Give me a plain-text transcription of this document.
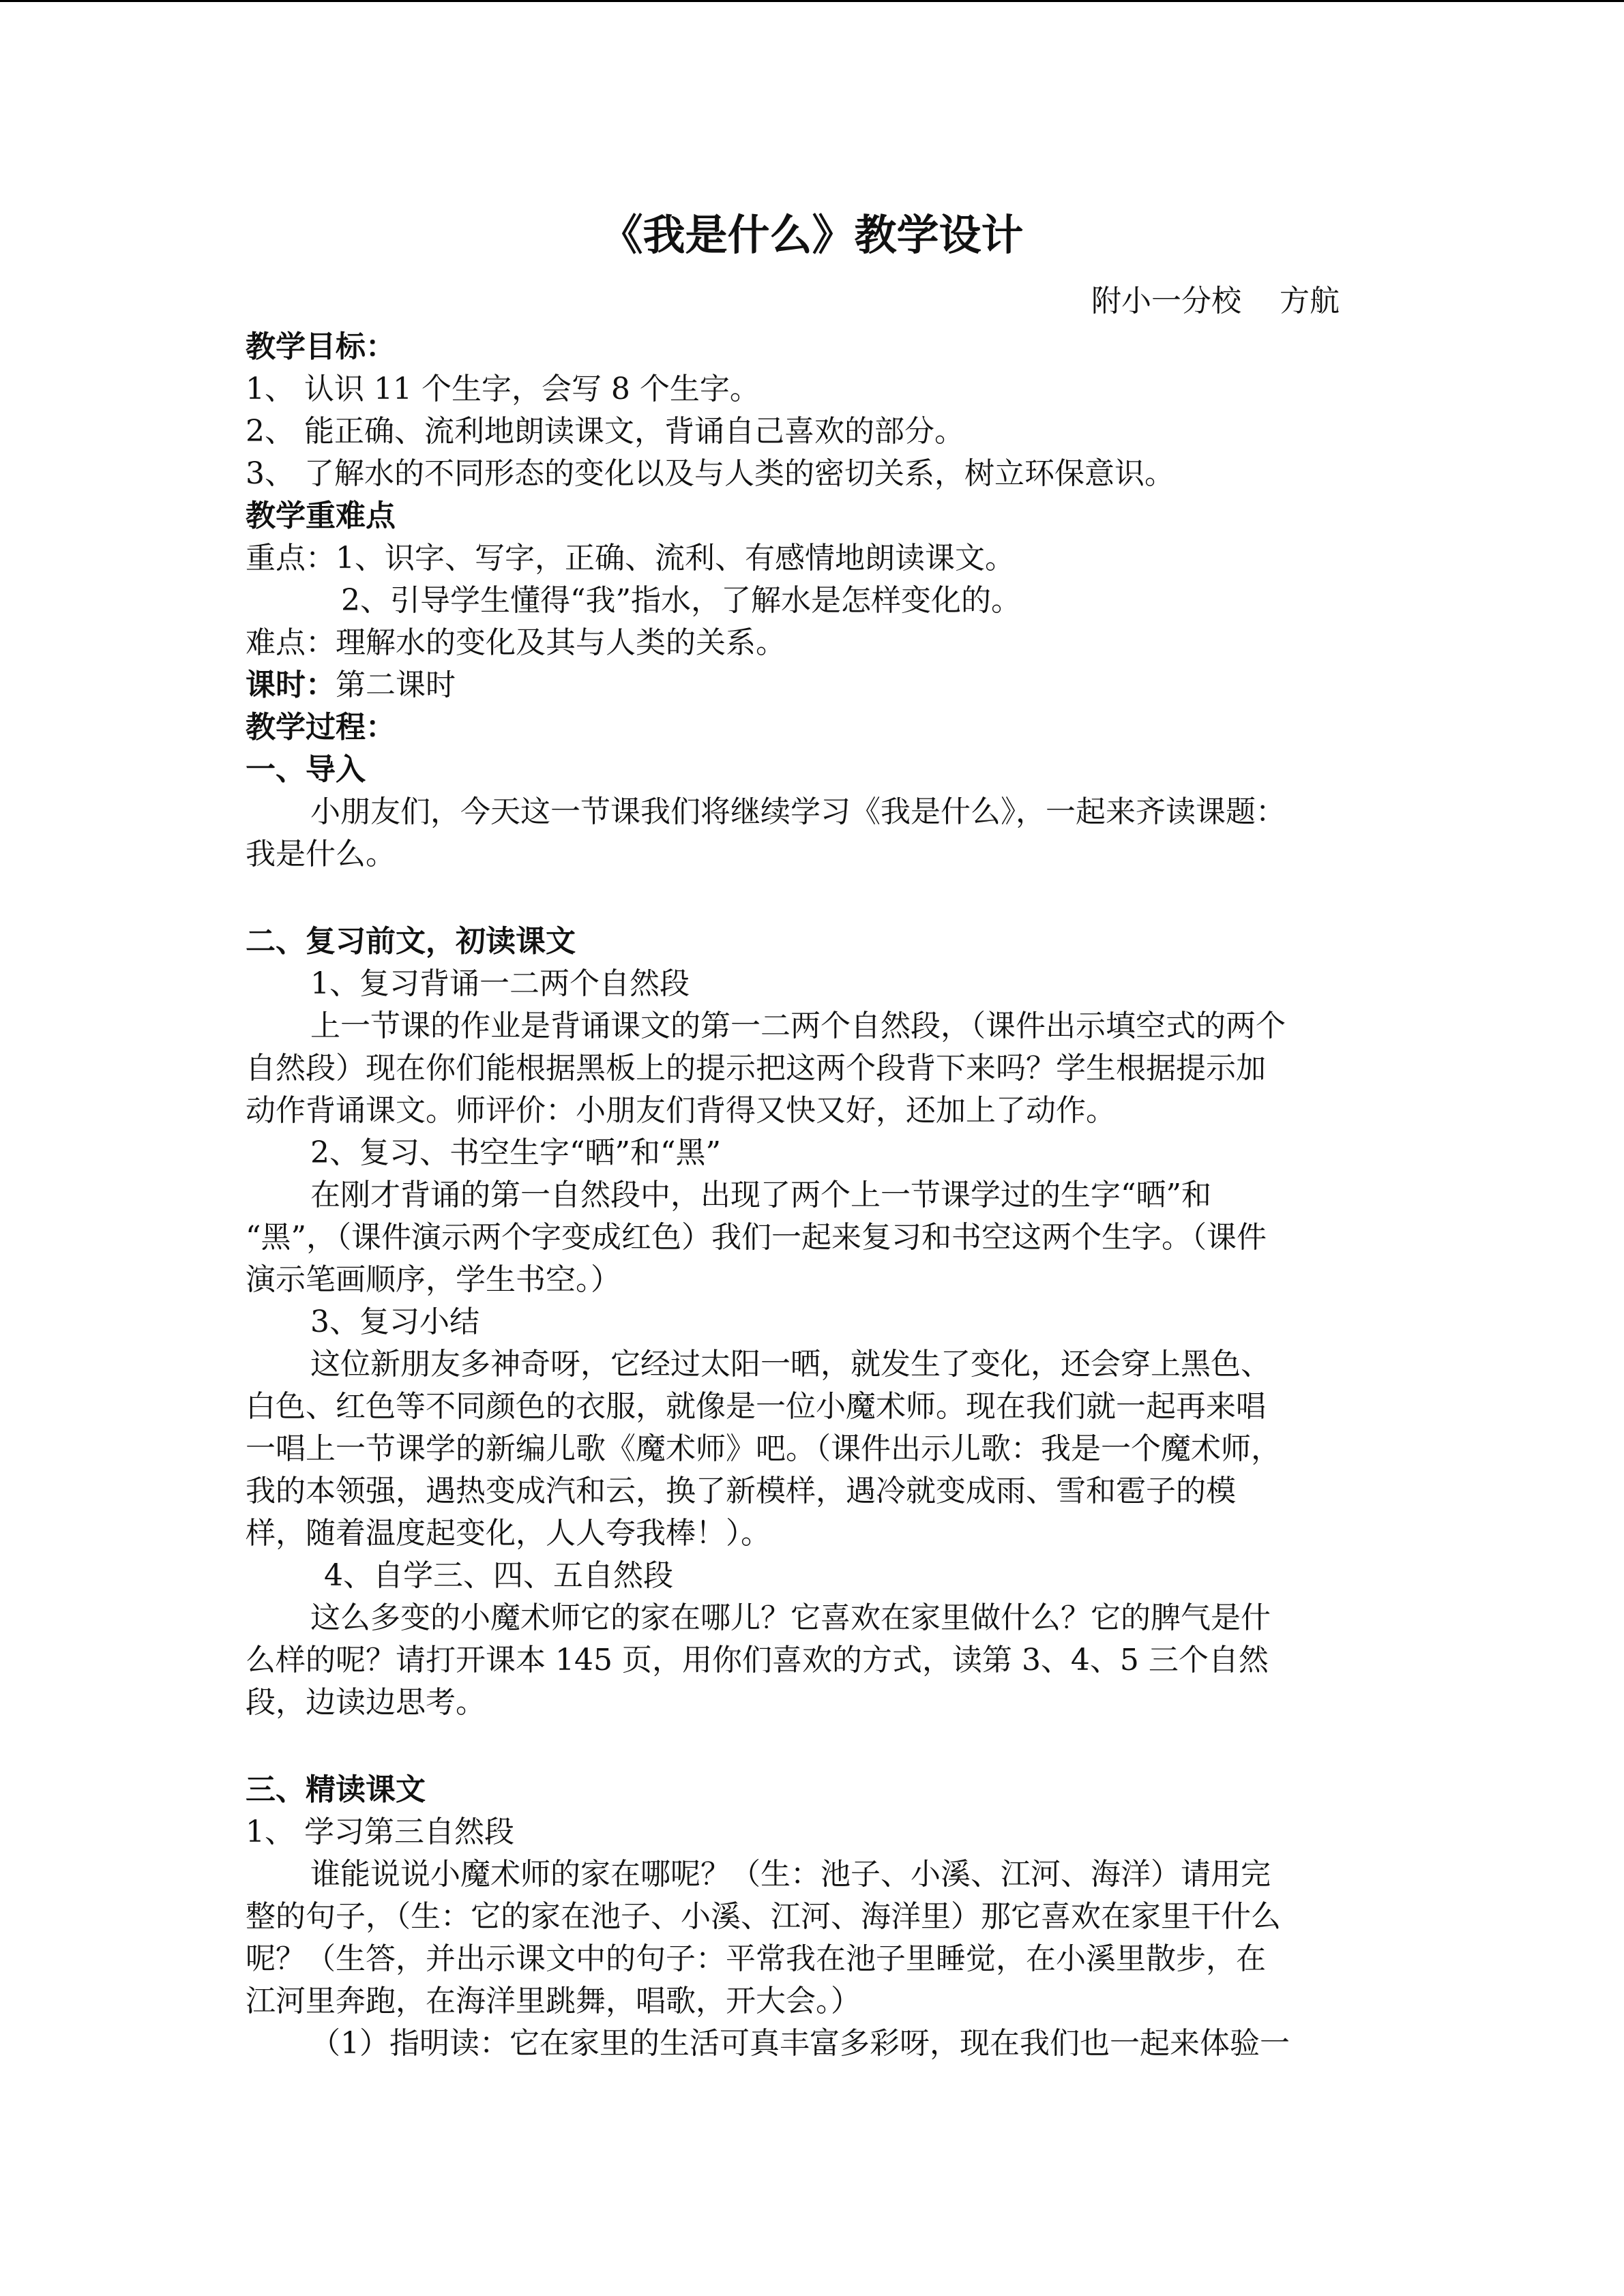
《我是什么》教学设计
附小一分校    方航
教学目标：
1、 认识 11 个生字，会写 8 个生字。
2、 能正确、流利地朗读课文，背诵自己喜欢的部分。
3、 了解水的不同形态的变化以及与人类的密切关系，树立环保意识。
教学重难点
重点：1、识字、写字，正确、流利、有感情地朗读课文。
2、引导学生懂得“我”指水，了解水是怎样变化的。
难点：理解水的变化及其与人类的关系。
课时：第二课时
教学过程：
一、导入
小朋友们，今天这一节课我们将继续学习《我是什么》，一起来齐读课题：
我是什么。
二、复习前文，初读课文
1、复习背诵一二两个自然段
上一节课的作业是背诵课文的第一二两个自然段，（课件出示填空式的两个
自然段）现在你们能根据黑板上的提示把这两个段背下来吗？学生根据提示加
动作背诵课文。师评价：小朋友们背得又快又好，还加上了动作。
2、复习、书空生字“晒”和“黑”
在刚才背诵的第一自然段中，出现了两个上一节课学过的生字“晒”和
“黑”，（课件演示两个字变成红色）我们一起来复习和书空这两个生字。（课件
演示笔画顺序，学生书空。）
3、复习小结
这位新朋友多神奇呀，它经过太阳一晒，就发生了变化，还会穿上黑色、
白色、红色等不同颜色的衣服，就像是一位小魔术师。现在我们就一起再来唱
一唱上一节课学的新编儿歌《魔术师》吧。（课件出示儿歌：我是一个魔术师，
我的本领强，遇热变成汽和云，换了新模样，遇冷就变成雨、雪和雹子的模
样，随着温度起变化，人人夸我棒！）。
4、自学三、四、五自然段
这么多变的小魔术师它的家在哪儿？它喜欢在家里做什么？它的脾气是什
么样的呢？请打开课本 145 页，用你们喜欢的方式，读第 3、4、5 三个自然
段，边读边思考。
三、精读课文
1、 学习第三自然段
谁能说说小魔术师的家在哪呢？（生：池子、小溪、江河、海洋）请用完
整的句子，（生：它的家在池子、小溪、江河、海洋里）那它喜欢在家里干什么
呢？（生答，并出示课文中的句子：平常我在池子里睡觉，在小溪里散步，在
江河里奔跑，在海洋里跳舞，唱歌，开大会。）
（1）指明读：它在家里的生活可真丰富多彩呀，现在我们也一起来体验一
